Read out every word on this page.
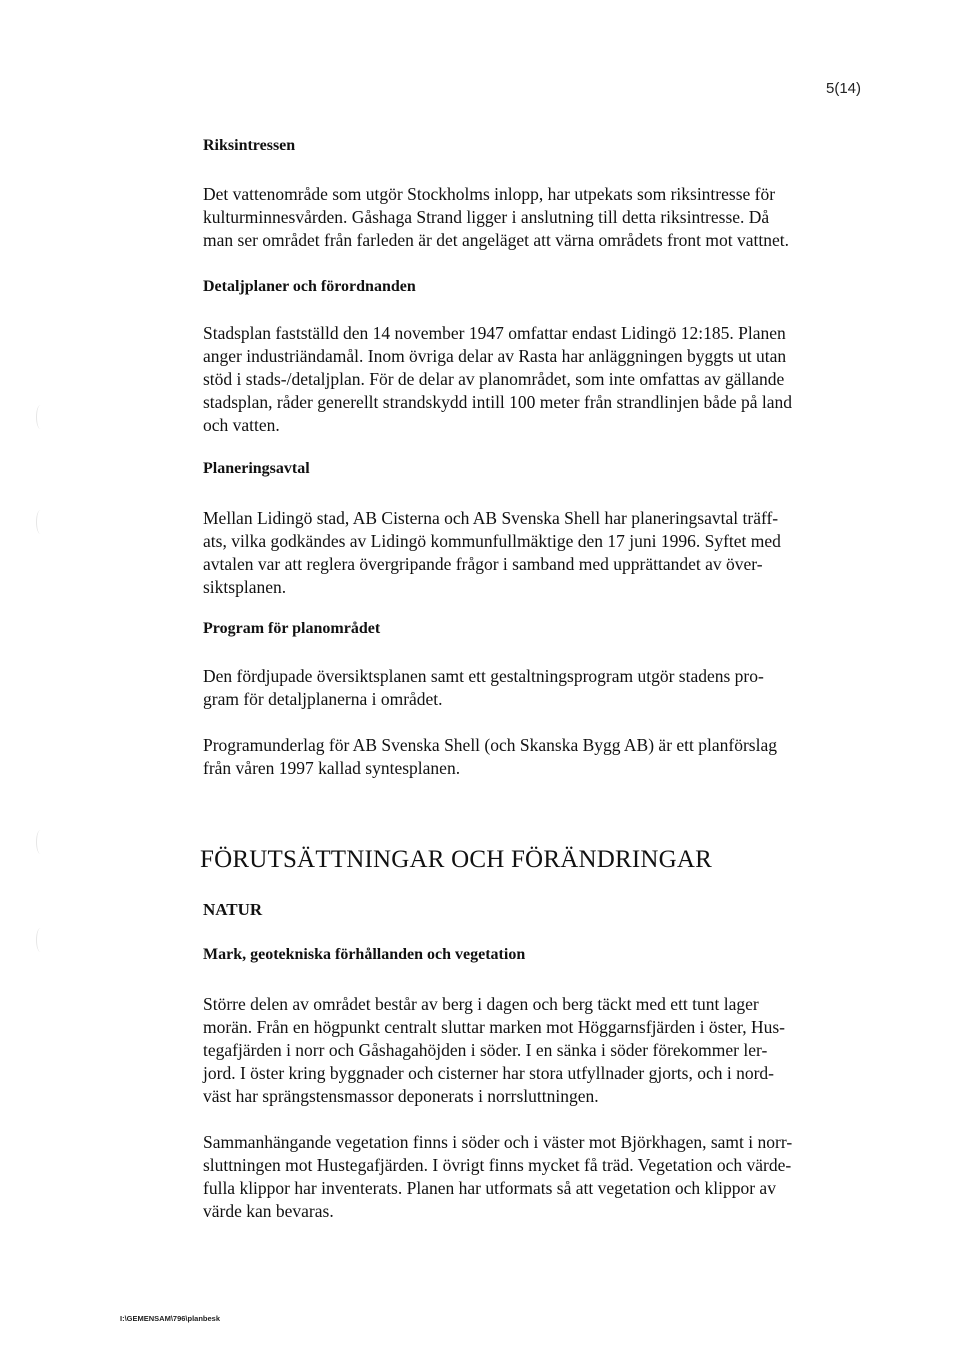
5(14)
Riksintressen
Det vattenområde som utgör Stockholms inlopp, har utpekats som riksintresse för
kulturminnesvården. Gåshaga Strand ligger i anslutning till detta riksintresse. Då
man ser området från farleden är det angeläget att värna områdets front mot vattnet.
Detaljplaner och förordnanden
Stadsplan fastställd den 14 november 1947 omfattar endast Lidingö 12:185. Planen
anger industriändamål. Inom övriga delar av Rasta har anläggningen byggts ut utan
stöd i stads-/detaljplan. För de delar av planområdet, som inte omfattas av gällande
stadsplan, råder generellt strandskydd intill 100 meter från strandlinjen både på land
och vatten.
Planeringsavtal
Mellan Lidingö stad, AB Cisterna och AB Svenska Shell har planeringsavtal träff-
ats, vilka godkändes av Lidingö kommunfullmäktige den 17 juni 1996. Syftet med
avtalen var att reglera övergripande frågor i samband med upprättandet av över-
siktsplanen.
Program för planområdet
Den fördjupade översiktsplanen samt ett gestaltningsprogram utgör stadens pro-
gram för detaljplanerna i området.
Programunderlag för AB Svenska Shell (och Skanska Bygg AB) är ett planförslag
från våren 1997 kallad syntesplanen.
FÖRUTSÄTTNINGAR OCH FÖRÄNDRINGAR
NATUR
Mark, geotekniska förhållanden och vegetation
Större delen av området består av berg i dagen och berg täckt med ett tunt lager
morän. Från en högpunkt centralt sluttar marken mot Höggarnsfjärden i öster, Hus-
tegafjärden i norr och Gåshagahöjden i söder. I en sänka i söder förekommer ler-
jord. I öster kring byggnader och cisterner har stora utfyllnader gjorts, och i nord-
väst har sprängstensmassor deponerats i norrsluttningen.
Sammanhängande vegetation finns i söder och i väster mot Björkhagen, samt i norr-
sluttningen mot Hustegafjärden. I övrigt finns mycket få träd. Vegetation och värde-
fulla klippor har inventerats. Planen har utformats så att vegetation och klippor av
värde kan bevaras.
I:\GEMENSAM\796\planbesk
